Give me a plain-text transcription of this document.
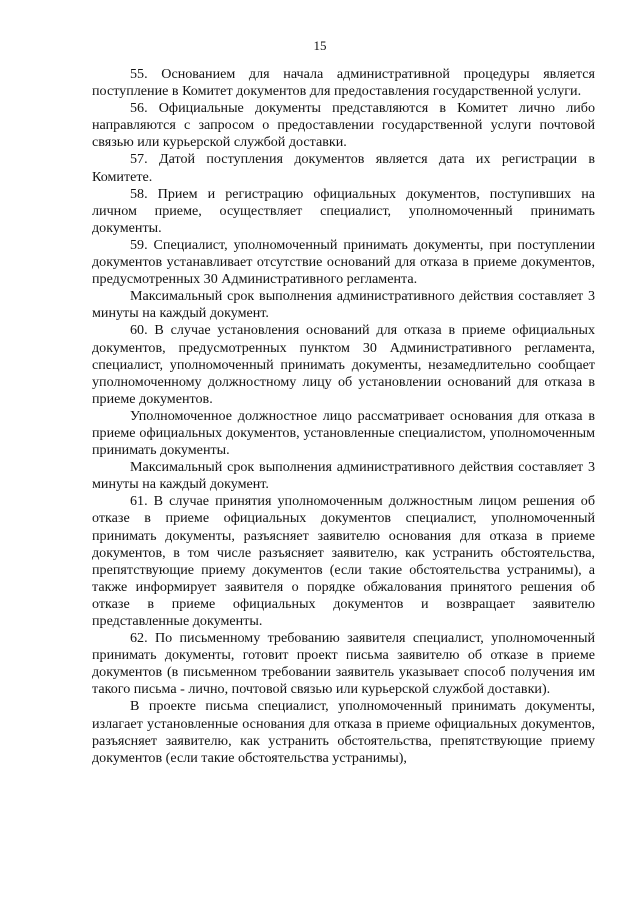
15

55. Основанием для начала административной процедуры является поступление в Комитет документов для предоставления государственной услуги.

56. Официальные документы представляются в Комитет лично либо направляются с запросом о предоставлении государственной услуги почтовой связью или курьерской службой доставки.

57. Датой поступления документов является дата их регистрации в Комитете.

58. Прием и регистрацию официальных документов, поступивших на личном приеме, осуществляет специалист, уполномоченный принимать документы.

59. Специалист, уполномоченный принимать документы, при поступлении документов устанавливает отсутствие оснований для отказа в приеме документов, предусмотренных 30 Административного регламента.

Максимальный срок выполнения административного действия составляет 3 минуты на каждый документ.

60. В случае установления оснований для отказа в приеме официальных документов, предусмотренных пунктом 30 Административного регламента, специалист, уполномоченный принимать документы, незамедлительно сообщает уполномоченному должностному лицу об установлении оснований для отказа в приеме документов.

Уполномоченное должностное лицо рассматривает основания для отказа в приеме официальных документов, установленные специалистом, уполномоченным принимать документы.

Максимальный срок выполнения административного действия составляет 3 минуты на каждый документ.

61. В случае принятия уполномоченным должностным лицом решения об отказе в приеме официальных документов специалист, уполномоченный принимать документы, разъясняет заявителю основания для отказа в приеме документов, в том числе разъясняет заявителю, как устранить обстоятельства, препятствующие приему документов (если такие обстоятельства устранимы), а также информирует заявителя о порядке обжалования принятого решения об отказе в приеме официальных документов и возвращает заявителю представленные документы.

62. По письменному требованию заявителя специалист, уполномоченный принимать документы, готовит проект письма заявителю об отказе в приеме документов (в письменном требовании заявитель указывает способ получения им такого письма - лично, почтовой связью или курьерской службой доставки).

В проекте письма специалист, уполномоченный принимать документы, излагает установленные основания для отказа в приеме официальных документов, разъясняет заявителю, как устранить обстоятельства, препятствующие приему документов (если такие обстоятельства устранимы),
